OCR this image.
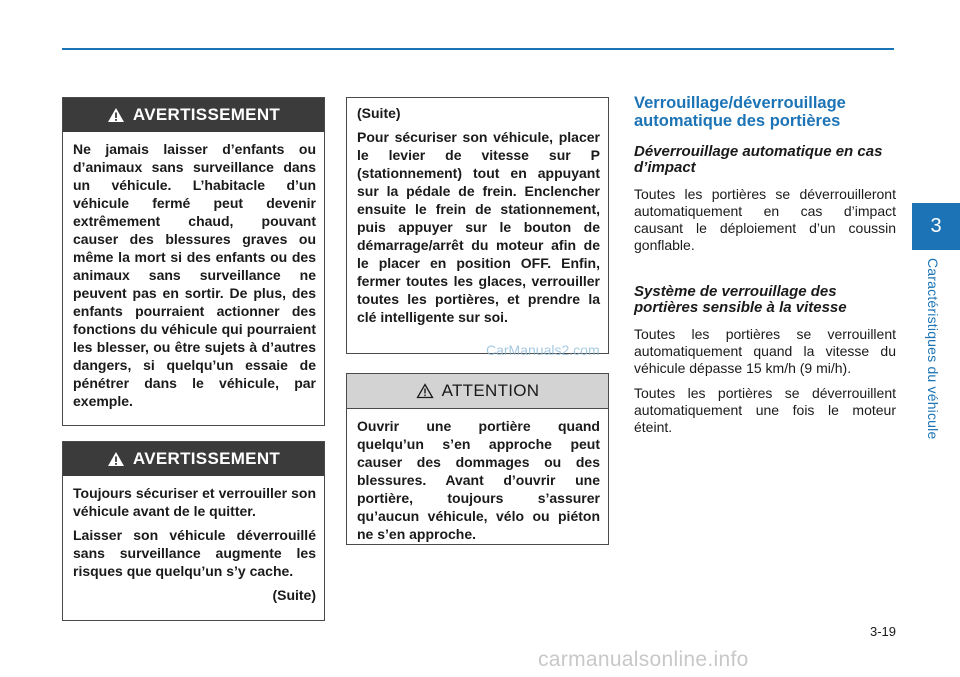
3
Caractéristiques du véhicule
AVERTISSEMENT

Ne jamais laisser d’enfants ou d’animaux sans surveillance dans un véhicule. L’habitacle d’un véhicule fermé peut devenir extrêmement chaud, pouvant causer des blessures graves ou même la mort si des enfants ou des animaux sans surveillance ne peuvent pas en sortir. De plus, des enfants pourraient actionner des fonctions du véhicule qui pourraient les blesser, ou être sujets à d’autres dangers, si quelqu’un essaie de pénétrer dans le véhicule, par exemple.

AVERTISSEMENT

Toujours sécuriser et verrouiller son véhicule avant de le quitter.

Laisser son véhicule déverrouillé sans surveillance augmente les risques que quelqu’un s’y cache.

(Suite)

(Suite)

Pour sécuriser son véhicule, placer le levier de vitesse sur P (stationnement) tout en appuyant sur la pédale de frein. Enclencher ensuite le frein de stationnement, puis appuyer sur le bouton de démarrage/arrêt du moteur afin de le placer en position OFF. Enfin, fermer toutes les glaces, verrouiller toutes les portières, et prendre la clé intelligente sur soi.

ATTENTION

Ouvrir une portière quand quelqu’un s’en approche peut causer des dommages ou des blessures. Avant d’ouvrir une portière, toujours s’assurer qu’aucun véhicule, vélo ou piéton ne s’en approche.

CarManuals2.com
Verrouillage/déverrouillage automatique des portières
Déverrouillage automatique en cas d’impact

Toutes les portières se déverrouilleront automatiquement en cas d’impact causant le déploiement d’un coussin gonflable.

Système de verrouillage des portières sensible à la vitesse

Toutes les portières se verrouillent automatiquement quand la vitesse du véhicule dépasse 15 km/h (9 mi/h).

Toutes les portières se déverrouillent automatiquement une fois le moteur éteint.

3-19
carmanualsonline.info
